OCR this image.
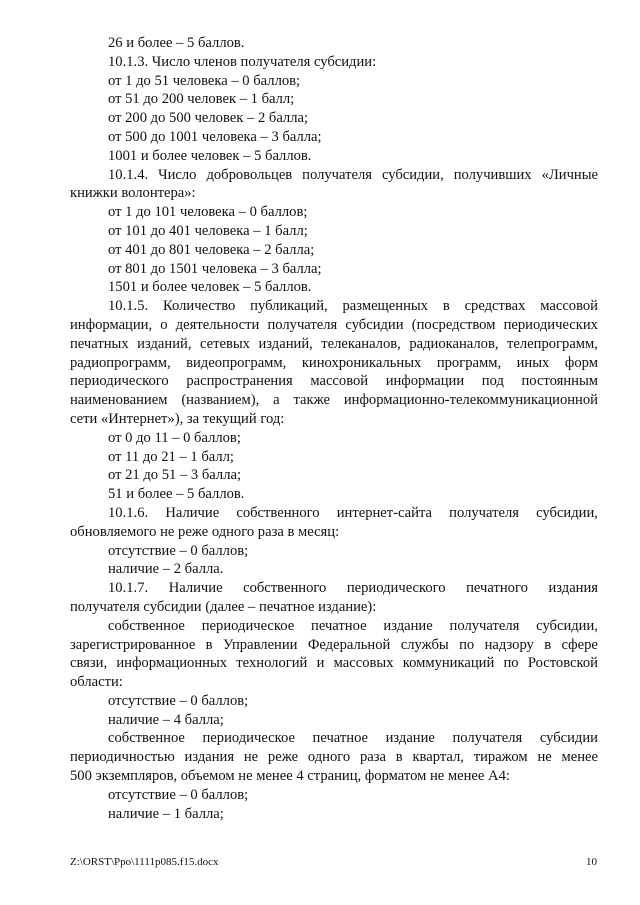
26 и более – 5 баллов.
10.1.3. Число членов получателя субсидии:
от 1 до 51 человека – 0 баллов;
от 51 до 200 человек – 1 балл;
от 200 до 500 человек – 2 балла;
от 500 до 1001 человека – 3 балла;
1001 и более человек – 5 баллов.
10.1.4. Число добровольцев получателя субсидии, получивших «Личные
книжки волонтера»:
от 1 до 101 человека – 0 баллов;
от 101 до 401 человека – 1 балл;
от 401 до 801 человека – 2 балла;
от 801 до 1501 человека – 3 балла;
1501 и более человек – 5 баллов.
10.1.5. Количество публикаций, размещенных в средствах массовой
информации, о деятельности получателя субсидии (посредством периодических
печатных изданий, сетевых изданий, телеканалов, радиоканалов, телепрограмм,
радиопрограмм, видеопрограмм, кинохроникальных программ, иных форм
периодического распространения массовой информации под постоянным
наименованием (названием), а также информационно-телекоммуникационной
сети «Интернет»), за текущий год:
от 0 до 11 – 0 баллов;
от 11 до 21 – 1 балл;
от 21 до 51 – 3 балла;
51 и более – 5 баллов.
10.1.6. Наличие собственного интернет-сайта получателя субсидии,
обновляемого не реже одного раза в месяц:
отсутствие – 0 баллов;
наличие – 2 балла.
10.1.7. Наличие собственного периодического печатного издания
получателя субсидии (далее – печатное издание):
собственное периодическое печатное издание получателя субсидии,
зарегистрированное в Управлении Федеральной службы по надзору в сфере
связи, информационных технологий и массовых коммуникаций по Ростовской
области:
отсутствие – 0 баллов;
наличие – 4 балла;
собственное периодическое печатное издание получателя субсидии
периодичностью издания не реже одного раза в квартал, тиражом не менее
500 экземпляров, объемом не менее 4 страниц, форматом не менее А4:
отсутствие – 0 баллов;
наличие – 1 балла;
Z:\ORST\Ppo\1111p085.f15.docx	10
